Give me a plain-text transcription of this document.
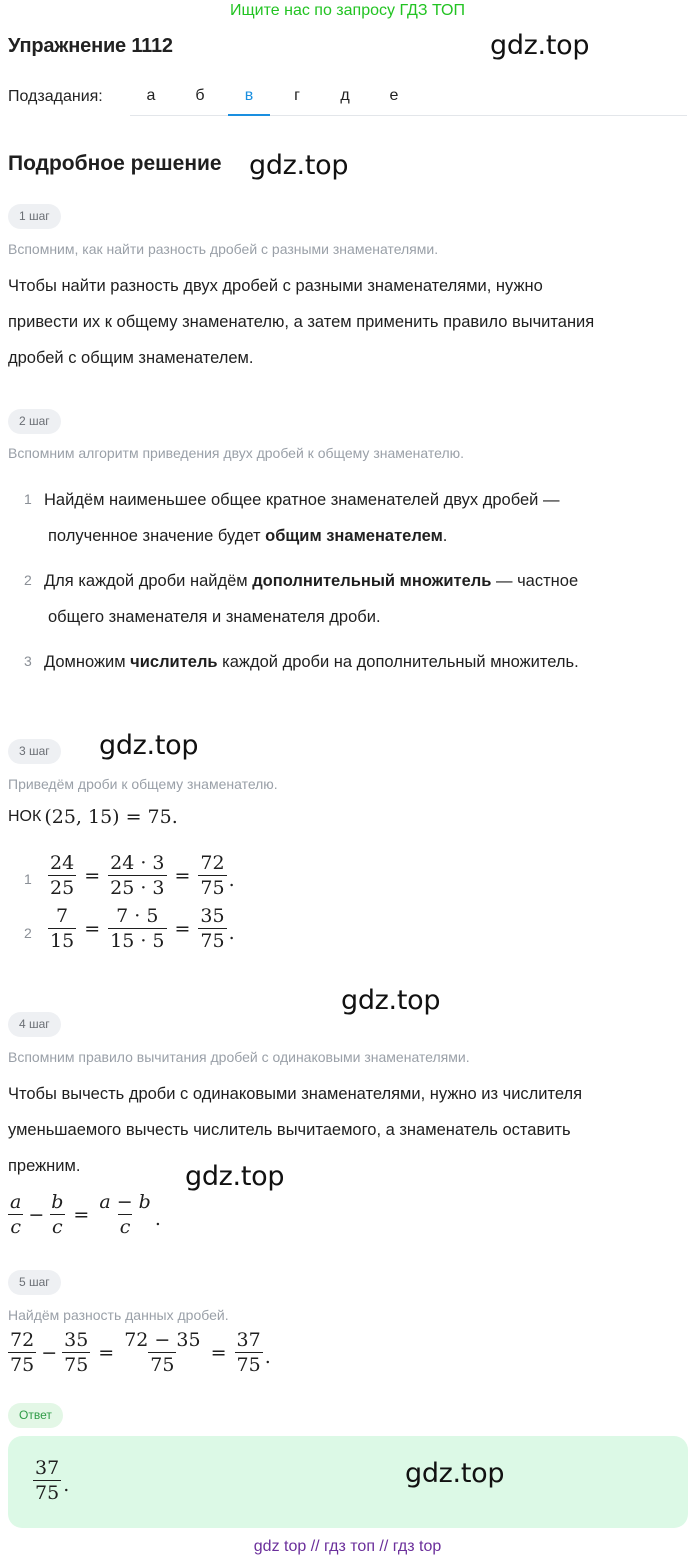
Ищите нас по запросу ГДЗ ТОП
Упражнение 1112	gdz.top
Подзадания:	а	б	в	г	д	е
Подробное решение gdz.top
1 шаг
Вспомним, как найти разность дробей с разными знаменателями.
Чтобы найти разность двух дробей с разными знаменателями, нужно
привести их к общему знаменателю, а затем применить правило вычитания
дробей с общим знаменателем.
2 шаг
Вспомним алгоритм приведения двух дробей к общему знаменателю.
1 Найдём наименьшее общее кратное знаменателей двух дробей —
полученное значение будет общим знаменателем.
2 Для каждой дроби найдём дополнительный множитель — частное
общего знаменателя и знаменателя дроби.
3 Домножим числитель каждой дроби на дополнительный множитель.
3 шаг	gdz.top
Приведём дроби к общему знаменателю.
НОК (25, 15) = 75.
$1 \frac{24}{25} = \frac{24 \cdot 3}{25 \cdot 3} = \frac{72}{75}$ .
$2 \frac{7}{15} = \frac{7 \cdot 5}{15 \cdot 5} = \frac{35}{75}$ .
gdz.top
4 шаг
Вспомним правило вычитания дробей с одинаковыми знаменателями.
Чтобы вычесть дроби с одинаковыми знаменателями, нужно из числителя
уменьшаемого вычесть числитель вычитаемого, а знаменатель оставить
прежним.	gdz.top
$\frac{a}{c} - \frac{b}{c} = \frac{a - b}{c}$ .
5 шаг
Найдём разность данных дробей.
$\frac{72}{75} - \frac{35}{75} = \frac{72 - 35}{75} = \frac{37}{75}$ .
Ответ
$\frac{37}{75}$ .	gdz.top
gdz top // гдз топ // гдз top
